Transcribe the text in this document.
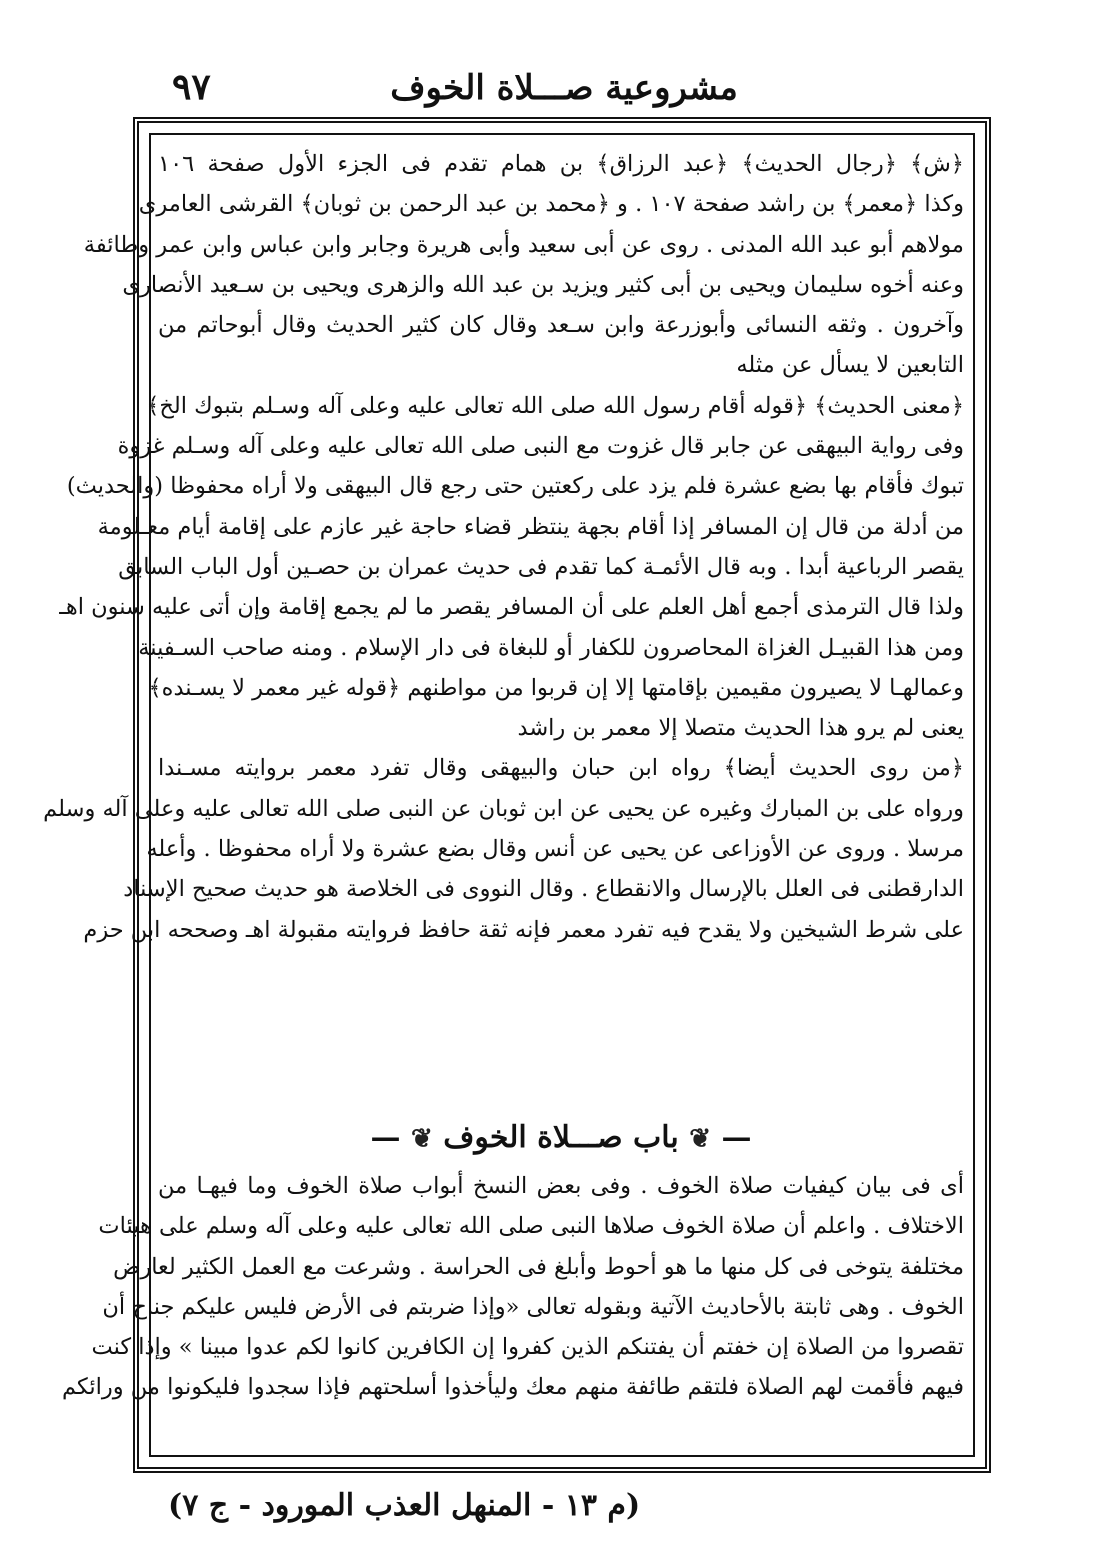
٩٧	مشروعية صـــلاة الخوف
﴿ش﴾ ﴿رجال الحديث﴾ ﴿عبد الرزاق﴾ بن همام تقدم فى الجزء الأول صفحة ١٠٦
وكذا ﴿معمر﴾ بن راشد صفحة ١٠٧ . و ﴿محمد بن عبد الرحمن بن ثوبان﴾ القرشى العامرى
مولاهم أبو عبد الله المدنى . روى عن أبى سعيد وأبى هريرة وجابر وابن عباس وابن عمر وطائفة
وعنه أخوه سليمان ويحيى بن أبى كثير ويزيد بن عبد الله والزهرى ويحيى بن سـعيد الأنصارى
وآخرون . وثقه النسائى وأبوزرعة وابن سـعد وقال كان كثير الحديث وقال أبوحاتم من
التابعين لا يسأل عن مثله
﴿معنى الحديث﴾ ﴿قوله أقام رسول الله صلى الله تعالى عليه وعلى آله وسـلم بتبوك الخ﴾
وفى رواية البيهقى عن جابر قال غزوت مع النبى صلى الله تعالى عليه وعلى آله وسـلم غزوة
تبوك فأقام بها بضع عشرة فلم يزد على ركعتين حتى رجع قال البيهقى ولا أراه محفوظا (والحديث)
من أدلة من قال إن المسافر إذا أقام بجهة ينتظر قضاء حاجة غير عازم على إقامة أيام معـلومة
يقصر الرباعية أبدا . وبه قال الأئمـة كما تقدم فى حديث عمران بن حصـين أول الباب السابق
ولذا قال الترمذى أجمع أهل العلم على أن المسافر يقصر ما لم يجمع إقامة وإن أتى عليه سنون اهـ
ومن هذا القبيـل الغزاة المحاصرون للكفار أو للبغاة فى دار الإسلام . ومنه صاحب السـفينة
وعمالهـا لا يصيرون مقيمين بإقامتها إلا إن قربوا من مواطنهم ﴿قوله غير معمر لا يسـنده﴾
يعنى لم يرو هذا الحديث متصلا إلا معمر بن راشد
﴿من روى الحديث أيضا﴾ رواه ابن حبان والبيهقى وقال تفرد معمر بروايته مسـندا
ورواه على بن المبارك وغيره عن يحيى عن ابن ثوبان عن النبى صلى الله تعالى عليه وعلى آله وسلم
مرسلا . وروى عن الأوزاعى عن يحيى عن أنس وقال بضع عشرة ولا أراه محفوظا . وأعله
الدارقطنى فى العلل بالإرسال والانقطاع . وقال النووى فى الخلاصة هو حديث صحيح الإسناد
على شرط الشيخين ولا يقدح فيه تفرد معمر فإنه ثقة حافظ فروايته مقبولة اهـ وصححه ابن حزم
— ❦ باب صـــلاة الخوف ❦ —
أى فى بيان كيفيات صلاة الخوف . وفى بعض النسخ أبواب صلاة الخوف وما فيهـا من
الاختلاف . واعلم أن صلاة الخوف صلاها النبى صلى الله تعالى عليه وعلى آله وسلم على هيئات
مختلفة يتوخى فى كل منها ما هو أحوط وأبلغ فى الحراسة . وشرعت مع العمل الكثير لعارض
الخوف . وهى ثابتة بالأحاديث الآتية وبقوله تعالى «وإذا ضربتم فى الأرض فليس عليكم جناح أن
تقصروا من الصلاة إن خفتم أن يفتنكم الذين كفروا إن الكافرين كانوا لكم عدوا مبينا » وإذا كنت
فيهم فأقمت لهم الصلاة فلتقم طائفة منهم معك وليأخذوا أسلحتهم فإذا سجدوا فليكونوا من ورائكم
(م ١٣ - المنهل العذب المورود - ج ٧)
